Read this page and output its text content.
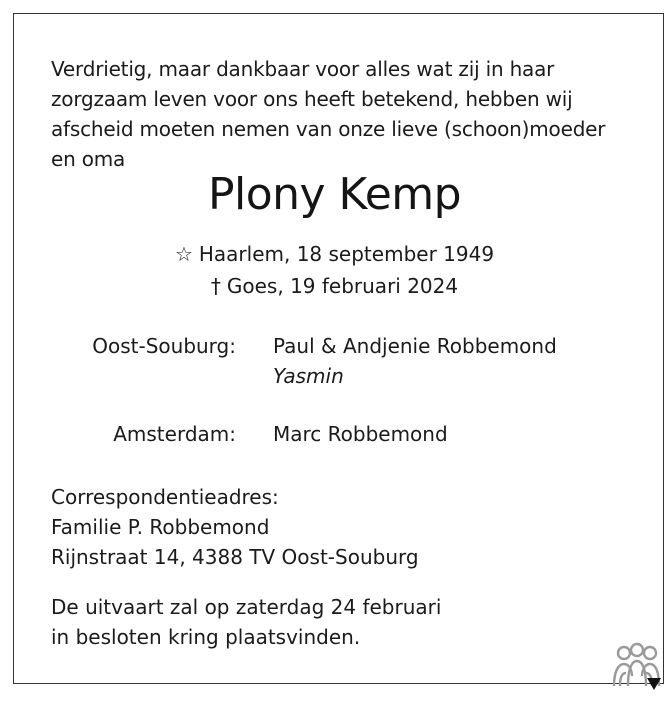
Verdrietig, maar dankbaar voor alles wat zij in haar
zorgzaam leven voor ons heeft betekend, hebben wij
afscheid moeten nemen van onze lieve (schoon)moeder
en oma
Plony Kemp
☆ Haarlem, 18 september 1949
† Goes, 19 februari 2024
Oost-Souburg: Paul & Andjenie Robbemond
Yasmin
Amsterdam: Marc Robbemond
Correspondentieadres:
Familie P. Robbemond
Rijnstraat 14, 4388 TV Oost-Souburg
De uitvaart zal op zaterdag 24 februari
in besloten kring plaatsvinden.
